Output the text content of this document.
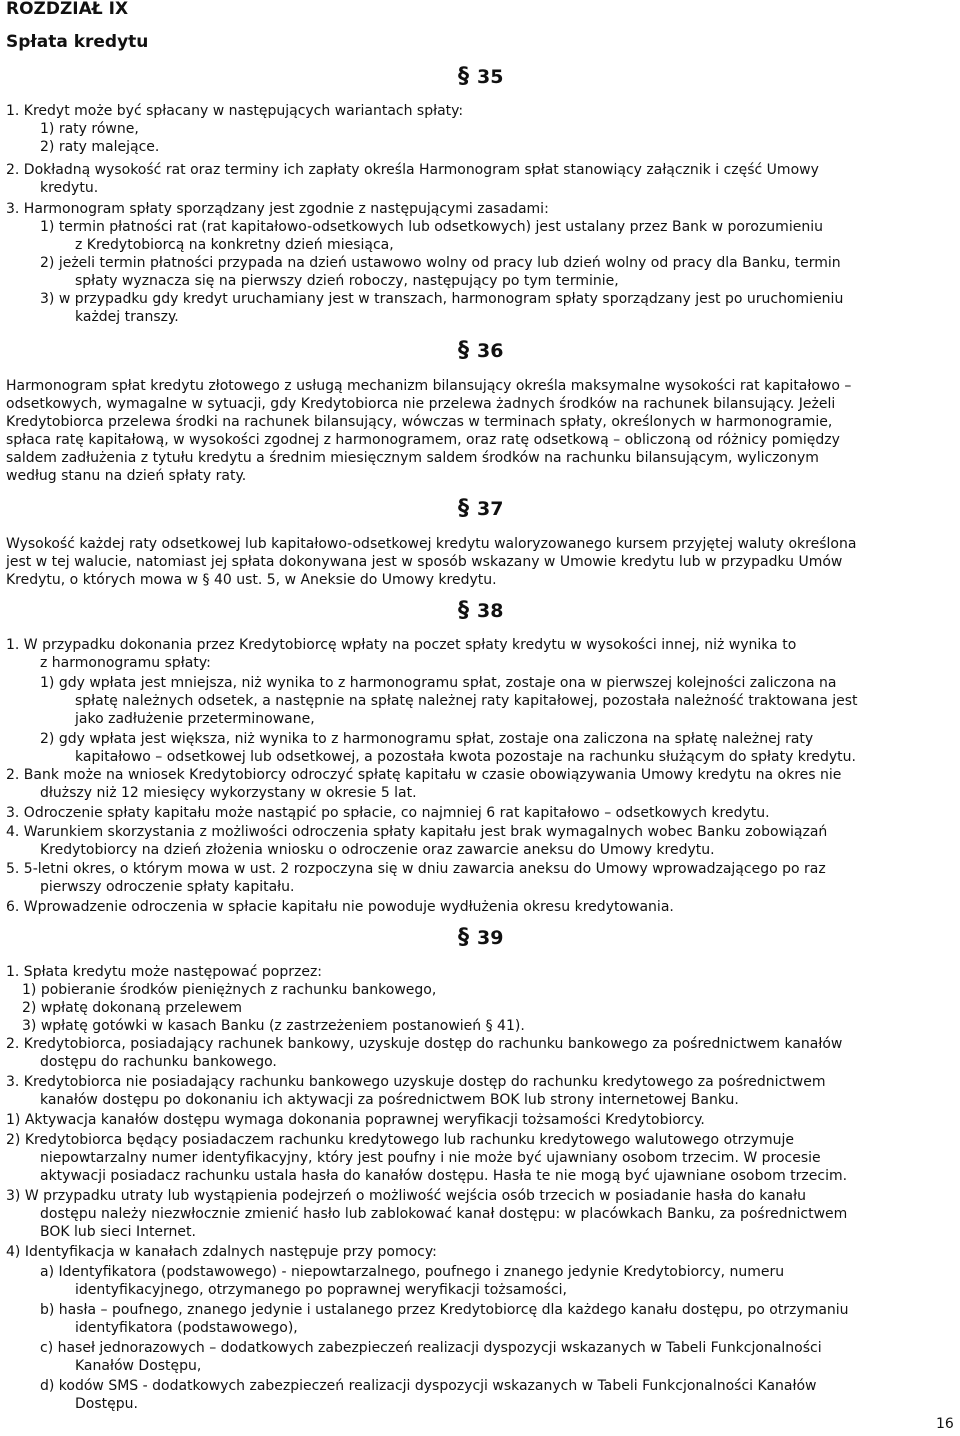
ROZDZIAŁ IX
Spłata kredytu
§ 35
1. Kredyt może być spłacany w następujących wariantach spłaty:
1) raty równe,
2) raty malejące.
2. Dokładną wysokość rat oraz terminy ich zapłaty określa Harmonogram spłat stanowiący załącznik i część Umowy
kredytu.
3. Harmonogram spłaty sporządzany jest zgodnie z następującymi zasadami:
1) termin płatności rat (rat kapitałowo-odsetkowych lub odsetkowych) jest ustalany przez Bank w porozumieniu
z Kredytobiorcą na konkretny dzień miesiąca,
2) jeżeli termin płatności przypada na dzień ustawowo wolny od pracy lub dzień wolny od pracy dla Banku, termin
spłaty wyznacza się na pierwszy dzień roboczy, następujący po tym terminie,
3) w przypadku gdy kredyt uruchamiany jest w transzach, harmonogram spłaty sporządzany jest po uruchomieniu
każdej transzy.
§ 36
Harmonogram spłat kredytu złotowego z usługą mechanizm bilansujący określa maksymalne wysokości rat kapitałowo –
odsetkowych, wymagalne w sytuacji, gdy Kredytobiorca nie przelewa żadnych środków na rachunek bilansujący. Jeżeli
Kredytobiorca przelewa środki na rachunek bilansujący, wówczas w terminach spłaty, określonych w harmonogramie,
spłaca ratę kapitałową, w wysokości zgodnej z harmonogramem, oraz ratę odsetkową – obliczoną od różnicy pomiędzy
saldem zadłużenia z tytułu kredytu a średnim miesięcznym saldem środków na rachunku bilansującym, wyliczonym
według stanu na dzień spłaty raty.
§ 37
Wysokość każdej raty odsetkowej lub kapitałowo-odsetkowej kredytu waloryzowanego kursem przyjętej waluty określona
jest w tej walucie, natomiast jej spłata dokonywana jest w sposób wskazany w Umowie kredytu lub w przypadku Umów
Kredytu, o których mowa w § 40 ust. 5, w Aneksie do Umowy kredytu.
§ 38
1. W przypadku dokonania przez Kredytobiorcę wpłaty na poczet spłaty kredytu w wysokości innej, niż wynika to
z harmonogramu spłaty:
1) gdy wpłata jest mniejsza, niż wynika to z harmonogramu spłat, zostaje ona w pierwszej kolejności zaliczona na
spłatę należnych odsetek, a następnie na spłatę należnej raty kapitałowej, pozostała należność traktowana jest
jako zadłużenie przeterminowane,
2) gdy wpłata jest większa, niż wynika to z harmonogramu spłat, zostaje ona zaliczona na spłatę należnej raty
kapitałowo – odsetkowej lub odsetkowej, a pozostała kwota pozostaje na rachunku służącym do spłaty kredytu.
2. Bank może na wniosek Kredytobiorcy odroczyć spłatę kapitału w czasie obowiązywania Umowy kredytu na okres nie
dłuższy niż 12 miesięcy wykorzystany w okresie 5 lat.
3. Odroczenie spłaty kapitału może nastąpić po spłacie, co najmniej 6 rat kapitałowo – odsetkowych kredytu.
4. Warunkiem skorzystania z możliwości odroczenia spłaty kapitału jest brak wymagalnych wobec Banku zobowiązań
Kredytobiorcy na dzień złożenia wniosku o odroczenie oraz zawarcie aneksu do Umowy kredytu.
5. 5-letni okres, o którym mowa w ust. 2 rozpoczyna się w dniu zawarcia aneksu do Umowy wprowadzającego po raz
pierwszy odroczenie spłaty kapitału.
6. Wprowadzenie odroczenia w spłacie kapitału nie powoduje wydłużenia okresu kredytowania.
§ 39
1. Spłata kredytu może następować poprzez:
1) pobieranie środków pieniężnych z rachunku bankowego,
2) wpłatę dokonaną przelewem
3) wpłatę gotówki w kasach Banku (z zastrzeżeniem postanowień § 41).
2. Kredytobiorca, posiadający rachunek bankowy, uzyskuje dostęp do rachunku bankowego za pośrednictwem kanałów
dostępu do rachunku bankowego.
3. Kredytobiorca nie posiadający rachunku bankowego uzyskuje dostęp do rachunku kredytowego za pośrednictwem
kanałów dostępu po dokonaniu ich aktywacji za pośrednictwem BOK lub strony internetowej Banku.
1) Aktywacja kanałów dostępu wymaga dokonania poprawnej weryfikacji tożsamości Kredytobiorcy.
2) Kredytobiorca będący posiadaczem rachunku kredytowego lub rachunku kredytowego walutowego otrzymuje
niepowtarzalny numer identyfikacyjny, który jest poufny i nie może być ujawniany osobom trzecim. W procesie
aktywacji posiadacz rachunku ustala hasła do kanałów dostępu. Hasła te nie mogą być ujawniane osobom trzecim.
3) W przypadku utraty lub wystąpienia podejrzeń o możliwość wejścia osób trzecich w posiadanie hasła do kanału
dostępu należy niezwłocznie zmienić hasło lub zablokować kanał dostępu: w placówkach Banku, za pośrednictwem
BOK lub sieci Internet.
4) Identyfikacja w kanałach zdalnych następuje przy pomocy:
a) Identyfikatora (podstawowego) - niepowtarzalnego, poufnego i znanego jedynie Kredytobiorcy, numeru
identyfikacyjnego, otrzymanego po poprawnej weryfikacji tożsamości,
b) hasła – poufnego, znanego jedynie i ustalanego przez Kredytobiorcę dla każdego kanału dostępu, po otrzymaniu
identyfikatora (podstawowego),
c) haseł jednorazowych – dodatkowych zabezpieczeń realizacji dyspozycji wskazanych w Tabeli Funkcjonalności
Kanałów Dostępu,
d) kodów SMS - dodatkowych zabezpieczeń realizacji dyspozycji wskazanych w Tabeli Funkcjonalności Kanałów
Dostępu.
16
